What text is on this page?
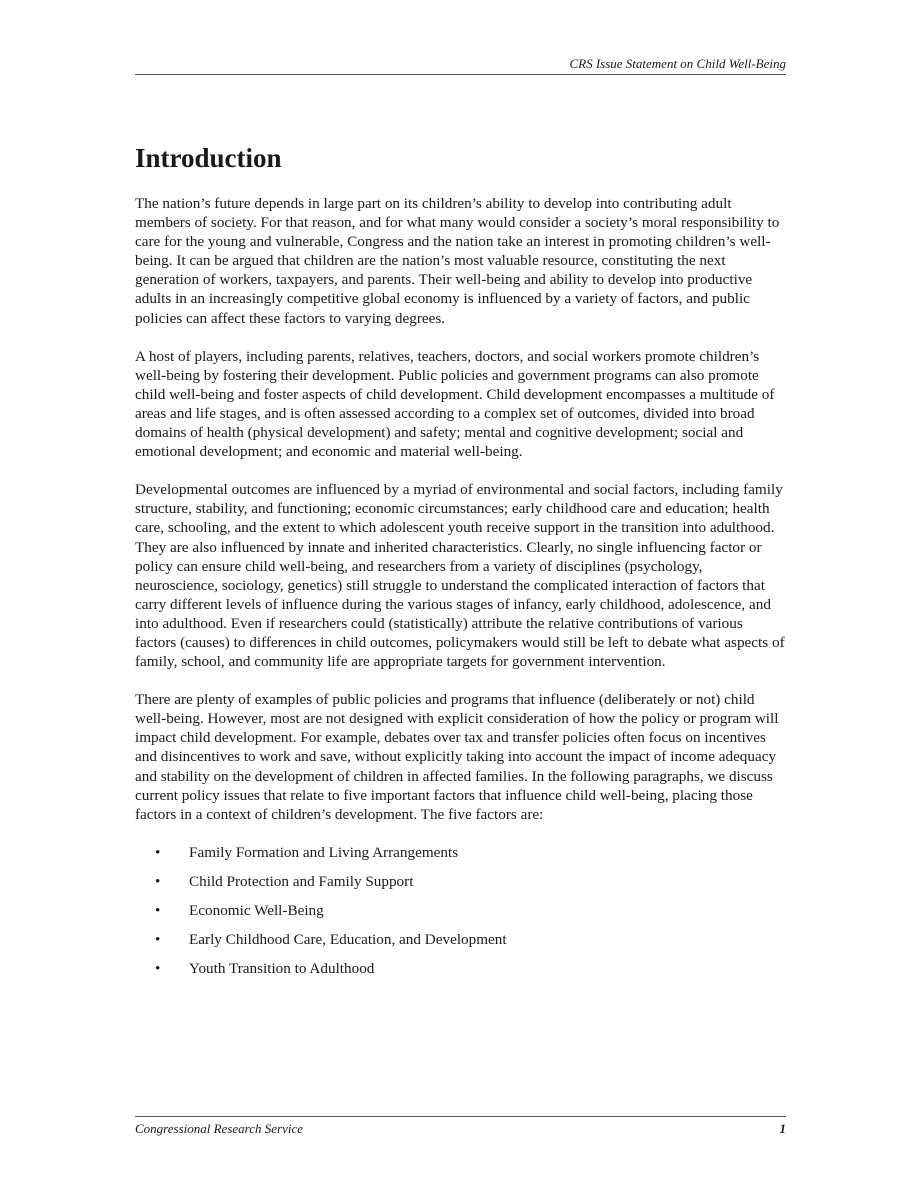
CRS Issue Statement on Child Well-Being
Introduction

The nation’s future depends in large part on its children’s ability to develop into contributing adult members of society. For that reason, and for what many would consider a society’s moral responsibility to care for the young and vulnerable, Congress and the nation take an interest in promoting children’s well-being. It can be argued that children are the nation’s most valuable resource, constituting the next generation of workers, taxpayers, and parents. Their well-being and ability to develop into productive adults in an increasingly competitive global economy is influenced by a variety of factors, and public policies can affect these factors to varying degrees.

A host of players, including parents, relatives, teachers, doctors, and social workers promote children’s well-being by fostering their development. Public policies and government programs can also promote child well-being and foster aspects of child development. Child development encompasses a multitude of areas and life stages, and is often assessed according to a complex set of outcomes, divided into broad domains of health (physical development) and safety; mental and cognitive development; social and emotional development; and economic and material well-being.

Developmental outcomes are influenced by a myriad of environmental and social factors, including family structure, stability, and functioning; economic circumstances; early childhood care and education; health care, schooling, and the extent to which adolescent youth receive support in the transition into adulthood. They are also influenced by innate and inherited characteristics. Clearly, no single influencing factor or policy can ensure child well-being, and researchers from a variety of disciplines (psychology, neuroscience, sociology, genetics) still struggle to understand the complicated interaction of factors that carry different levels of influence during the various stages of infancy, early childhood, adolescence, and into adulthood. Even if researchers could (statistically) attribute the relative contributions of various factors (causes) to differences in child outcomes, policymakers would still be left to debate what aspects of family, school, and community life are appropriate targets for government intervention.

There are plenty of examples of public policies and programs that influence (deliberately or not) child well-being. However, most are not designed with explicit consideration of how the policy or program will impact child development. For example, debates over tax and transfer policies often focus on incentives and disincentives to work and save, without explicitly taking into account the impact of income adequacy and stability on the development of children in affected families. In the following paragraphs, we discuss current policy issues that relate to five important factors that influence child well-being, placing those factors in a context of children’s development. The five factors are:

• Family Formation and Living Arrangements
• Child Protection and Family Support
• Economic Well-Being
• Early Childhood Care, Education, and Development
• Youth Transition to Adulthood
Congressional Research Service	1
